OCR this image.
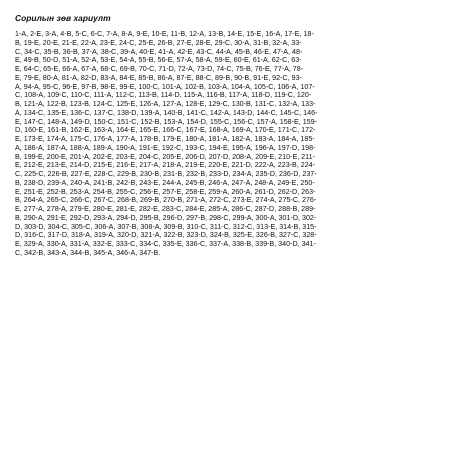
Сорилын зөв хариулт
1-A, 2-E, 3-A, 4-B, 5-C, 6-C, 7-A, 8-A, 9-E, 10-E, 11-B, 12-A, 13-B, 14-E, 15-E, 16-A, 17-E, 18-
B, 19-E, 20-E, 21-E, 22-A, 23-E, 24-C, 25-E, 26-B, 27-E, 28-E, 29-C, 30-A, 31-B, 32-A, 33-
C, 34-C, 35-B, 36-B, 37-A, 38-C, 39-A, 40-E, 41-A, 42-E, 43-C, 44-A, 45-B, 46-E, 47-A, 48-
E, 49-B, 50-D, 51-A, 52-A, 53-E, 54-A, 55-B, 56-E, 57-A, 58-A, 59-E, 60-E, 61-A, 62-C, 63-
E, 64-C, 65-E, 66-A, 67-A, 68-C, 69-B, 70-C, 71-D, 72-A, 73-D, 74-C, 75-B, 76-E, 77-A, 78-
E, 79-E, 80-A, 81-A, 82-D, 83-A, 84-E, 85-B, 86-A, 87-E, 88-C, 89-B, 90-B, 91-E, 92-C, 93-
A, 94-A, 95-C, 96-E, 97-B, 98-E, 99-E, 100-C, 101-A, 102-B, 103-A, 104-A, 105-C, 106-A, 107-
C, 108-A, 109-C, 110-C, 111-A, 112-C, 113-B, 114-D, 115-A, 116-B, 117-A, 118-D, 119-C, 120-
B, 121-A, 122-B, 123-B, 124-C, 125-E, 126-A, 127-A, 128-E, 129-C, 130-B, 131-C, 132-A, 133-
A, 134-C, 135-E, 136-C, 137-C, 138-D, 139-A, 140-B, 141-C, 142-A, 143-D, 144-C, 145-C, 146-
E, 147-C, 148-A, 149-D, 150-C, 151-C, 152-B, 153-A, 154-D, 155-C, 156-C, 157-A, 158-E, 159-
D, 160-E, 161-B, 162-E, 163-A, 164-E, 165-E, 166-C, 167-E, 168-A, 169-A, 170-E, 171-C, 172-
E, 173-E, 174-A, 175-C, 176-A, 177-A, 178-B, 179-E, 180-A, 181-A, 182-A, 183-A, 184-A, 185-
A, 186-A, 187-A, 188-A, 189-A, 190-A, 191-E, 192-C, 193-C, 194-E, 195-A, 196-A, 197-D, 198-
B, 199-E, 200-E, 201-A, 202-E, 203-E, 204-C, 205-E, 206-D, 207-D, 208-A, 209-E, 210-E, 211-
E, 212-E, 213-E, 214-D, 215-E, 216-E, 217-A, 218-A, 219-E, 220-E, 221-D, 222-A, 223-B, 224-
C, 225-C, 226-B, 227-E, 228-C, 229-B, 230-B, 231-B, 232-B, 233-D, 234-A, 235-D, 236-D, 237-
B, 238-D, 239-A, 240-A, 241-B, 242-B, 243-E, 244-A, 245-B, 246-A, 247-A, 248-A, 249-E, 250-
E, 251-E, 252-B, 253-A, 254-B, 255-C, 256-E, 257-E, 258-E, 259-A, 260-A, 261-D, 262-D, 263-
B, 264-A, 265-C, 266-C, 267-C, 268-B, 269-B, 270-B, 271-A, 272-C, 273-E, 274-A, 275-C, 276-
E, 277-A, 278-A, 279-E, 280-E, 281-E, 282-E, 283-C, 284-E, 285-A, 286-C, 287-D, 288-B, 289-
B, 290-A, 291-E, 292-D, 293-A, 294-D, 295-B, 296-D, 297-B, 298-C, 299-A, 300-A, 301-D, 302-
D, 303-D, 304-C, 305-C, 306-A, 307-B, 308-A, 309-B, 310-C, 311-C, 312-C, 313-E, 314-B, 315-
D, 316-C, 317-D, 318-A, 319-A, 320-D, 321-A, 322-B, 323-D, 324-B, 325-E, 326-B, 327-C, 328-
E, 329-A, 330-A, 331-A, 332-E, 333-C, 334-C, 335-E, 336-C, 337-A, 338-B, 339-B, 340-D, 341-
C, 342-B, 343-A, 344-B, 345-A, 346-A, 347-B.
